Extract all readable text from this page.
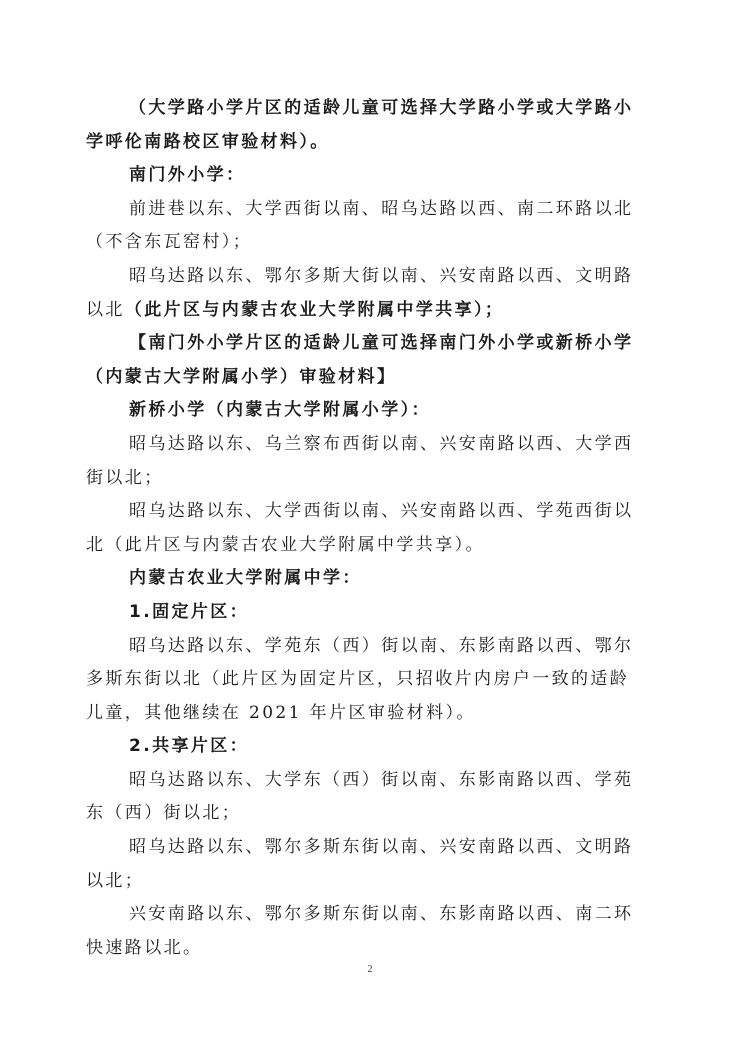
（大学路小学片区的适龄儿童可选择大学路小学或大学路小
学呼伦南路校区审验材料）。
南门外小学：
前进巷以东、大学西街以南、昭乌达路以西、南二环路以北
（不含东瓦窑村）；
昭乌达路以东、鄂尔多斯大街以南、兴安南路以西、文明路
以北（此片区与内蒙古农业大学附属中学共享）；
【南门外小学片区的适龄儿童可选择南门外小学或新桥小学
（内蒙古大学附属小学）审验材料】
新桥小学（内蒙古大学附属小学）：
昭乌达路以东、乌兰察布西街以南、兴安南路以西、大学西
街以北；
昭乌达路以东、大学西街以南、兴安南路以西、学苑西街以
北（此片区与内蒙古农业大学附属中学共享）。
内蒙古农业大学附属中学：
1.固定片区：
昭乌达路以东、学苑东（西）街以南、东影南路以西、鄂尔
多斯东街以北（此片区为固定片区，只招收片内房户一致的适龄
儿童，其他继续在 2021 年片区审验材料）。
2.共享片区：
昭乌达路以东、大学东（西）街以南、东影南路以西、学苑
东（西）街以北；
昭乌达路以东、鄂尔多斯东街以南、兴安南路以西、文明路
以北；
兴安南路以东、鄂尔多斯东街以南、东影南路以西、南二环
快速路以北。
2
